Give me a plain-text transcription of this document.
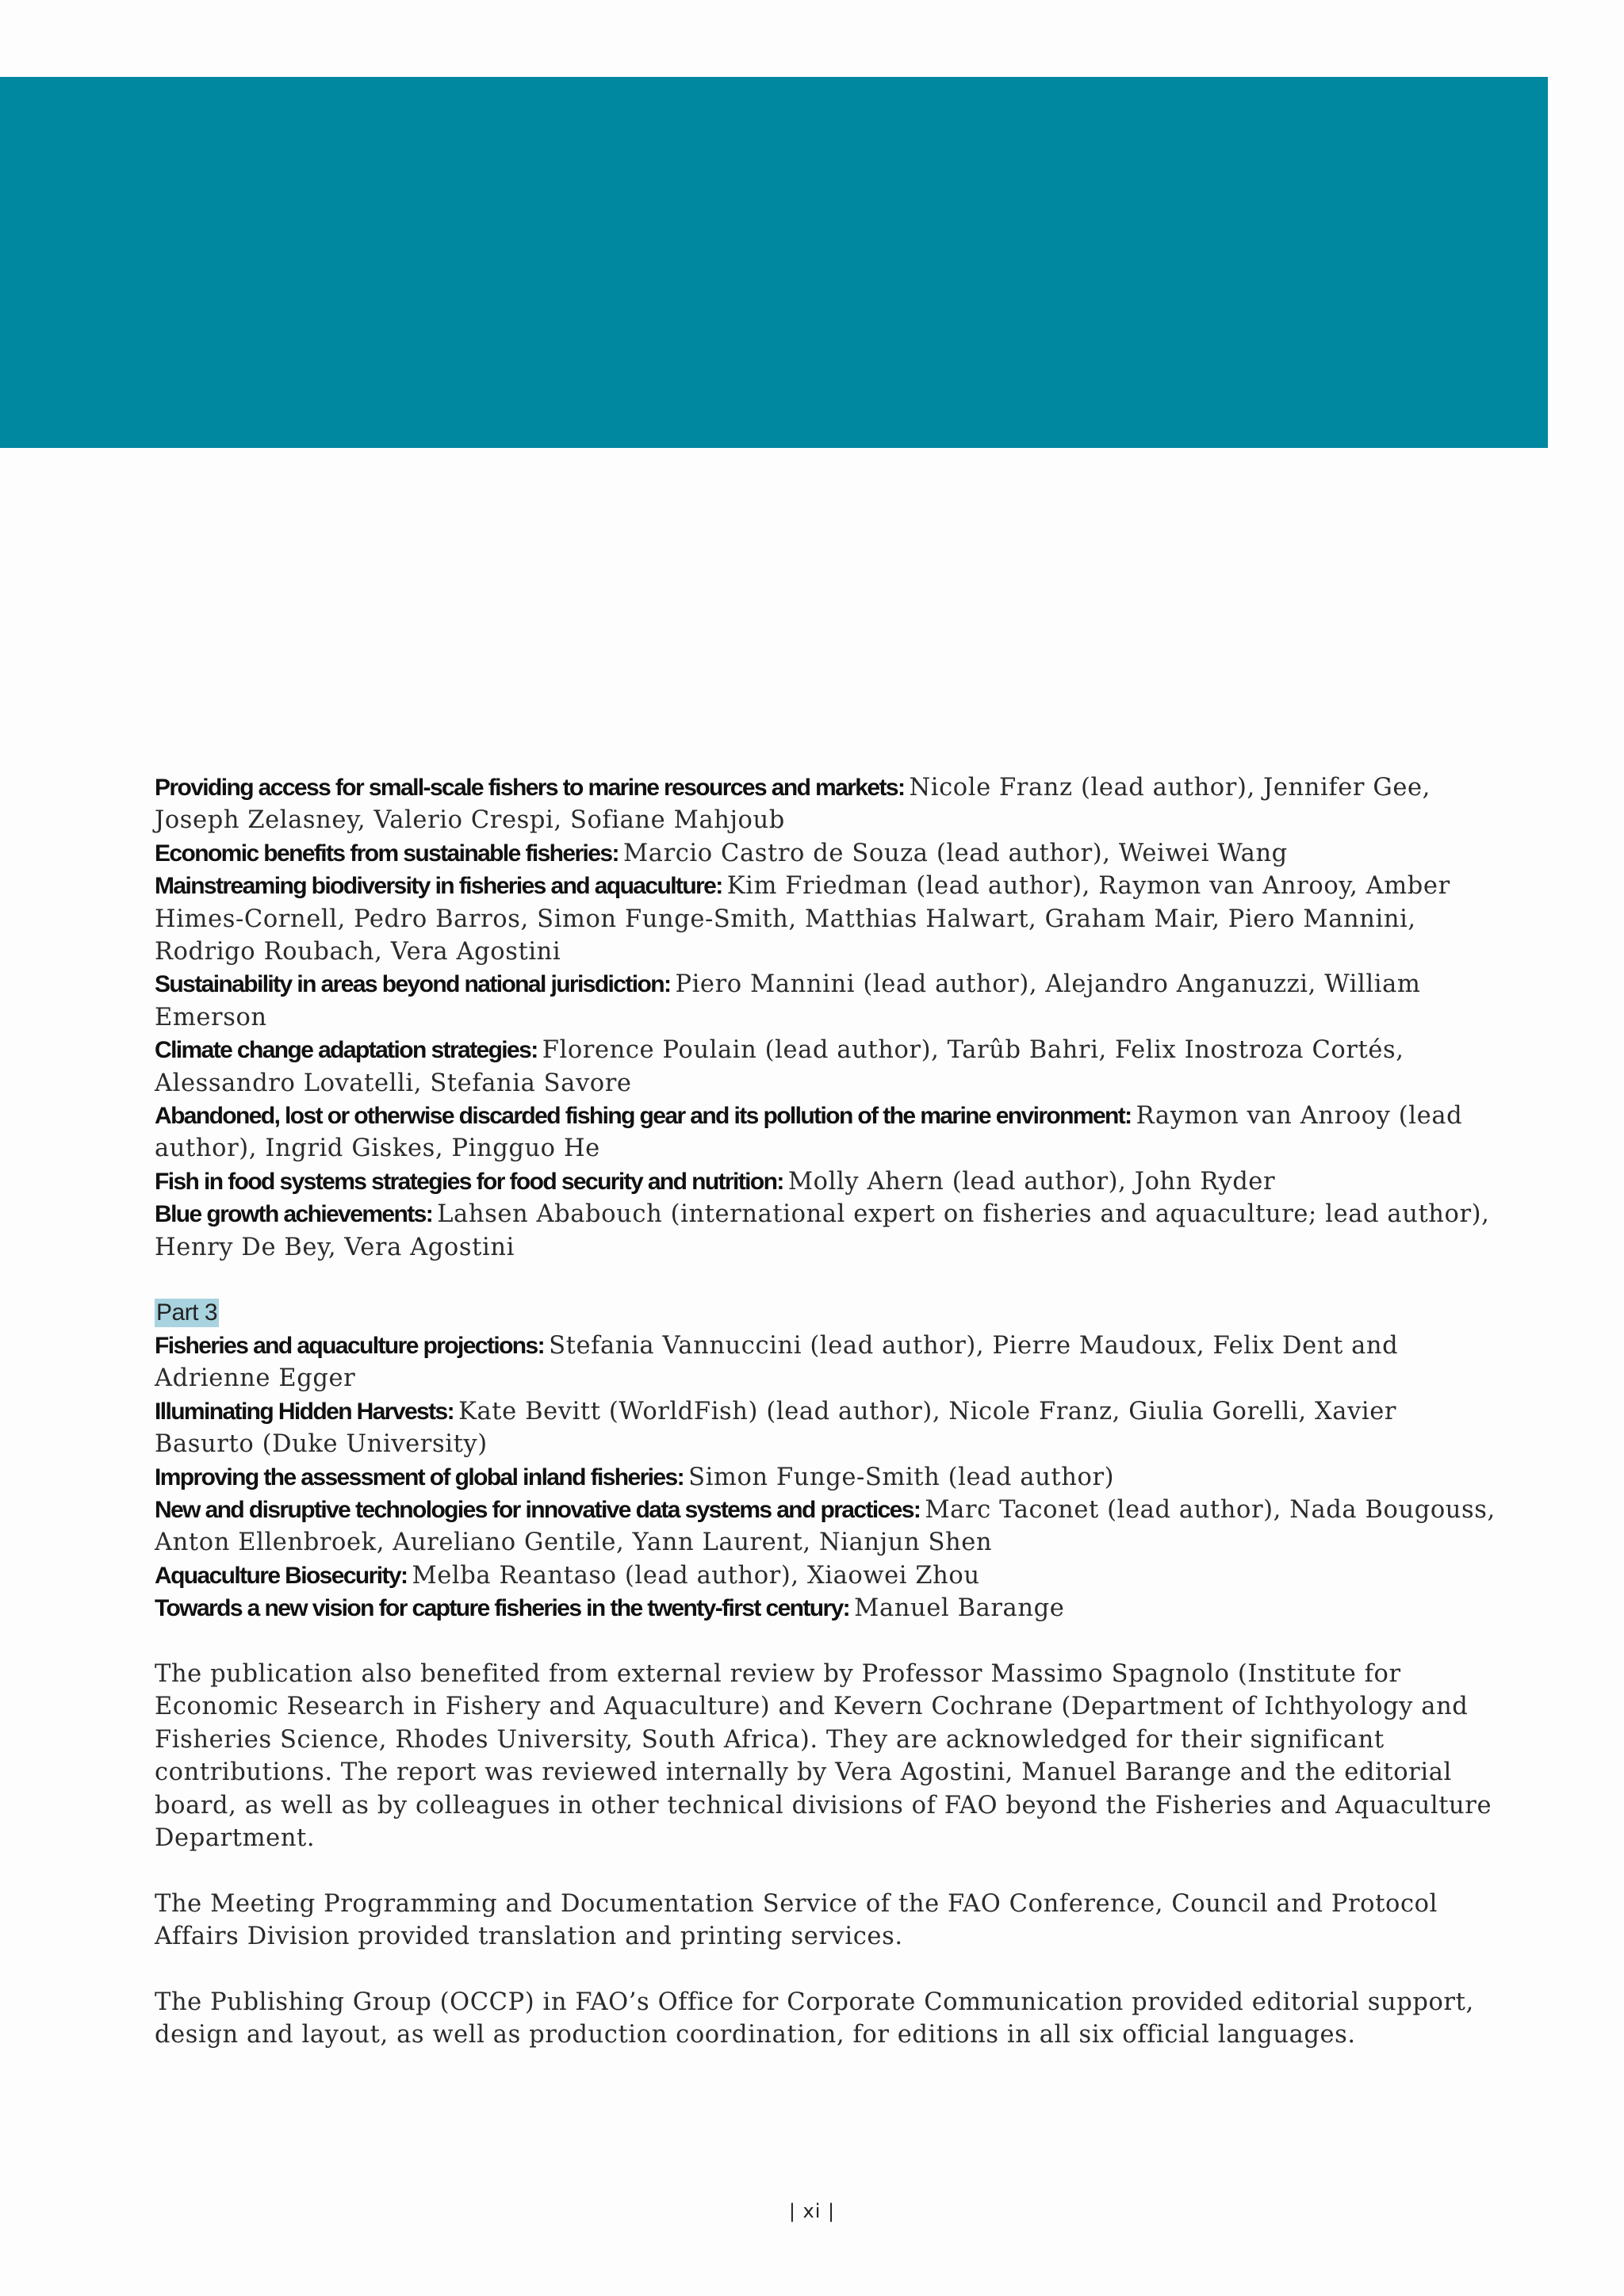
Providing access for small-scale fishers to marine resources and markets: Nicole Franz (lead author), Jennifer Gee, Joseph Zelasney, Valerio Crespi, Sofiane Mahjoub

Economic benefits from sustainable fisheries: Marcio Castro de Souza (lead author), Weiwei Wang

Mainstreaming biodiversity in fisheries and aquaculture: Kim Friedman (lead author), Raymon van Anrooy, Amber Himes-Cornell, Pedro Barros, Simon Funge-Smith, Matthias Halwart, Graham Mair, Piero Mannini, Rodrigo Roubach, Vera Agostini

Sustainability in areas beyond national jurisdiction: Piero Mannini (lead author), Alejandro Anganuzzi, William Emerson

Climate change adaptation strategies: Florence Poulain (lead author), Tarûb Bahri, Felix Inostroza Cortés, Alessandro Lovatelli, Stefania Savore

Abandoned, lost or otherwise discarded fishing gear and its pollution of the marine environment: Raymon van Anrooy (lead author), Ingrid Giskes, Pingguo He

Fish in food systems strategies for food security and nutrition: Molly Ahern (lead author), John Ryder

Blue growth achievements: Lahsen Ababouch (international expert on fisheries and aquaculture; lead author), Henry De Bey, Vera Agostini

Part 3

Fisheries and aquaculture projections: Stefania Vannuccini (lead author), Pierre Maudoux, Felix Dent and Adrienne Egger

Illuminating Hidden Harvests: Kate Bevitt (WorldFish) (lead author), Nicole Franz, Giulia Gorelli, Xavier Basurto (Duke University)

Improving the assessment of global inland fisheries: Simon Funge-Smith (lead author)

New and disruptive technologies for innovative data systems and practices: Marc Taconet (lead author), Nada Bougouss, Anton Ellenbroek, Aureliano Gentile, Yann Laurent, Nianjun Shen

Aquaculture Biosecurity: Melba Reantaso (lead author), Xiaowei Zhou

Towards a new vision for capture fisheries in the twenty-first century: Manuel Barange

The publication also benefited from external review by Professor Massimo Spagnolo (Institute for Economic Research in Fishery and Aquaculture) and Kevern Cochrane (Department of Ichthyology and Fisheries Science, Rhodes University, South Africa). They are acknowledged for their significant contributions. The report was reviewed internally by Vera Agostini, Manuel Barange and the editorial board, as well as by colleagues in other technical divisions of FAO beyond the Fisheries and Aquaculture Department.

The Meeting Programming and Documentation Service of the FAO Conference, Council and Protocol Affairs Division provided translation and printing services.

The Publishing Group (OCCP) in FAO’s Office for Corporate Communication provided editorial support, design and layout, as well as production coordination, for editions in all six official languages.

| xi |
